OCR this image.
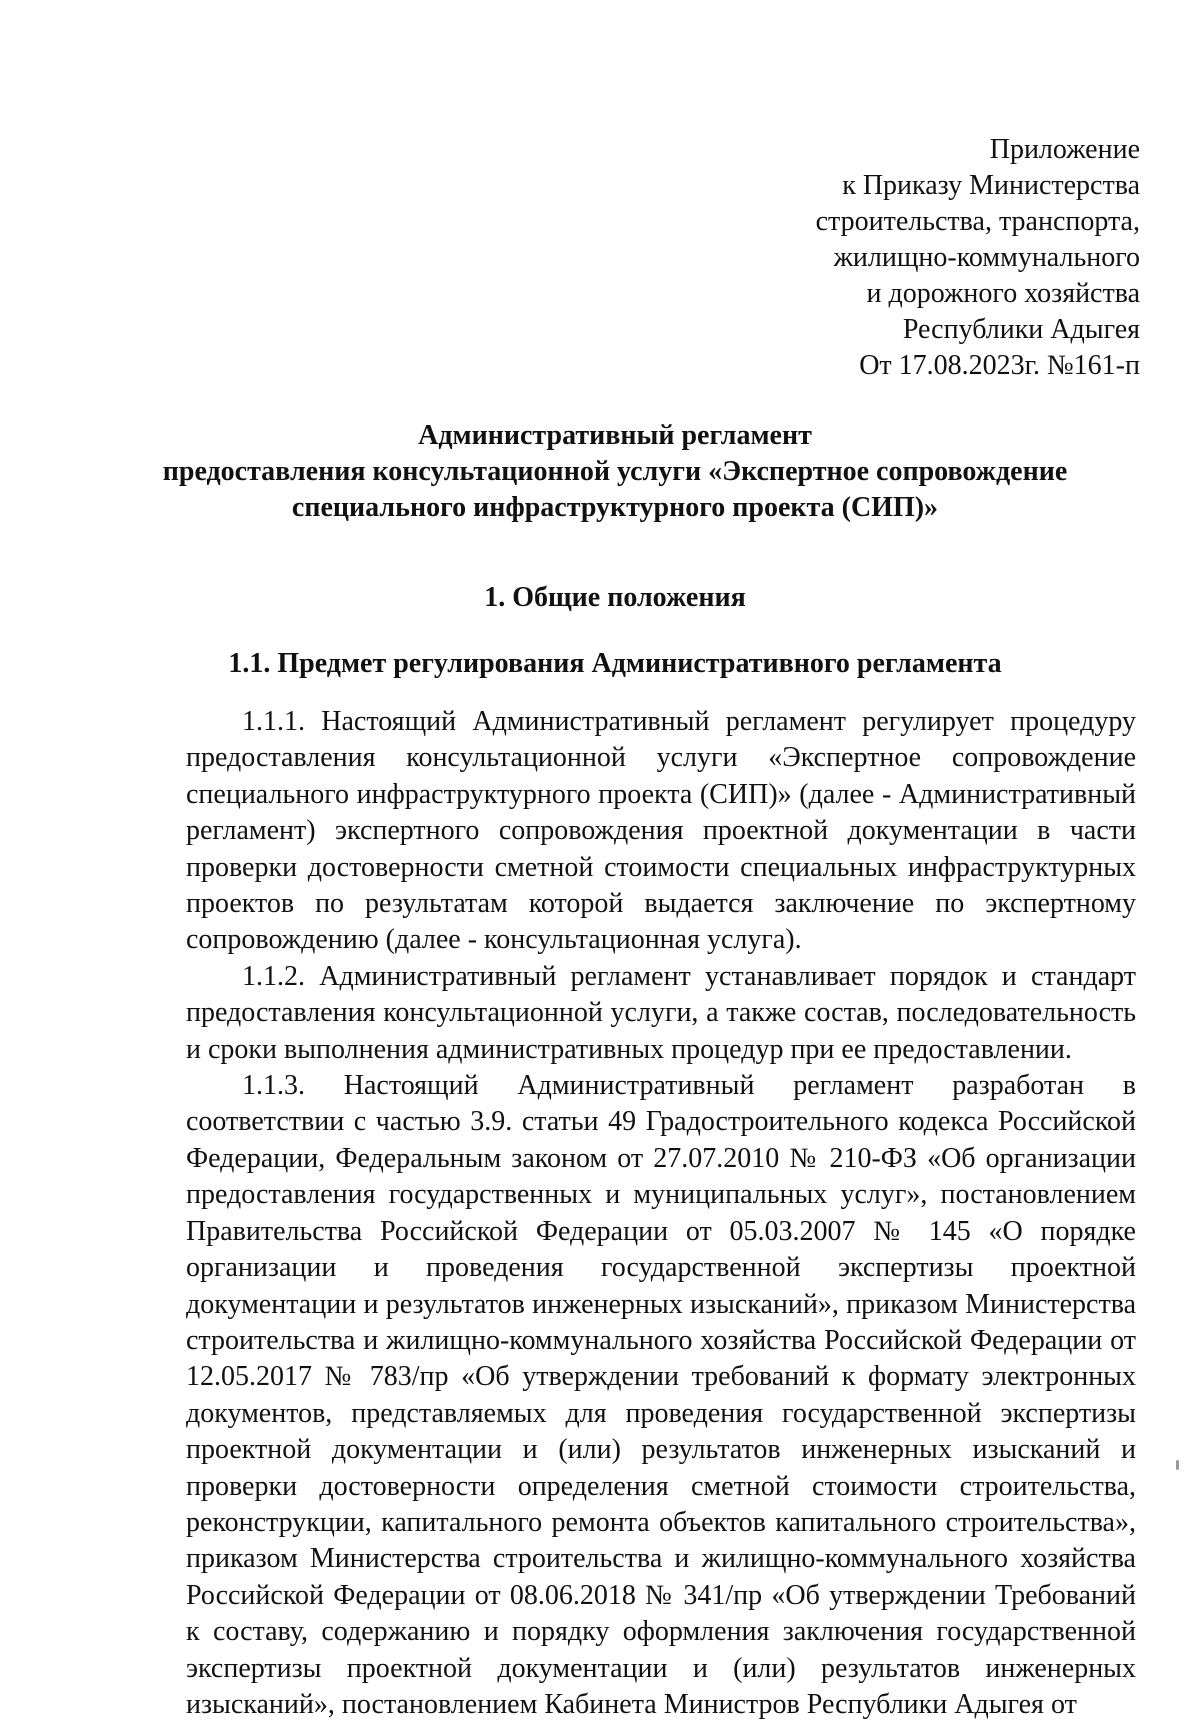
Приложение
к Приказу Министерства
строительства, транспорта,
жилищно-коммунального
и дорожного хозяйства
Республики Адыгея
От 17.08.2023г. №161-п
Административный регламент
предоставления консультационной услуги «Экспертное сопровождение
специального инфраструктурного проекта (СИП)»
1. Общие положения
1.1. Предмет регулирования Административного регламента

1.1.1. Настоящий Административный регламент регулирует процедуру предоставления консультационной услуги «Экспертное сопровождение специального инфраструктурного проекта (СИП)» (далее - Административный регламент) экспертного сопровождения проектной документации в части проверки достоверности сметной стоимости специальных инфраструктурных проектов по результатам которой выдается заключение по экспертному сопровождению (далее - консультационная услуга).

1.1.2. Административный регламент устанавливает порядок и стандарт предоставления консультационной услуги, а также состав, последовательность и сроки выполнения административных процедур при ее предоставлении.

1.1.3. Настоящий Административный регламент разработан в соответствии с частью 3.9. статьи 49 Градостроительного кодекса Российской Федерации, Федеральным законом от 27.07.2010 № 210-ФЗ «Об организации предоставления государственных и муниципальных услуг», постановлением Правительства Российской Федерации от 05.03.2007 № 145 «О порядке организации и проведения государственной экспертизы проектной документации и результатов инженерных изысканий», приказом Министерства строительства и жилищно-коммунального хозяйства Российской Федерации от 12.05.2017 № 783/пр «Об утверждении требований к формату электронных документов, представляемых для проведения государственной экспертизы проектной документации и (или) результатов инженерных изысканий и проверки достоверности определения сметной стоимости строительства, реконструкции, капитального ремонта объектов капитального строительства», приказом Министерства строительства и жилищно-коммунального хозяйства Российской Федерации от 08.06.2018 № 341/пр «Об утверждении Требований к составу, содержанию и порядку оформления заключения государственной экспертизы проектной документации и (или) результатов инженерных изысканий», постановлением Кабинета Министров Республики Адыгея от
